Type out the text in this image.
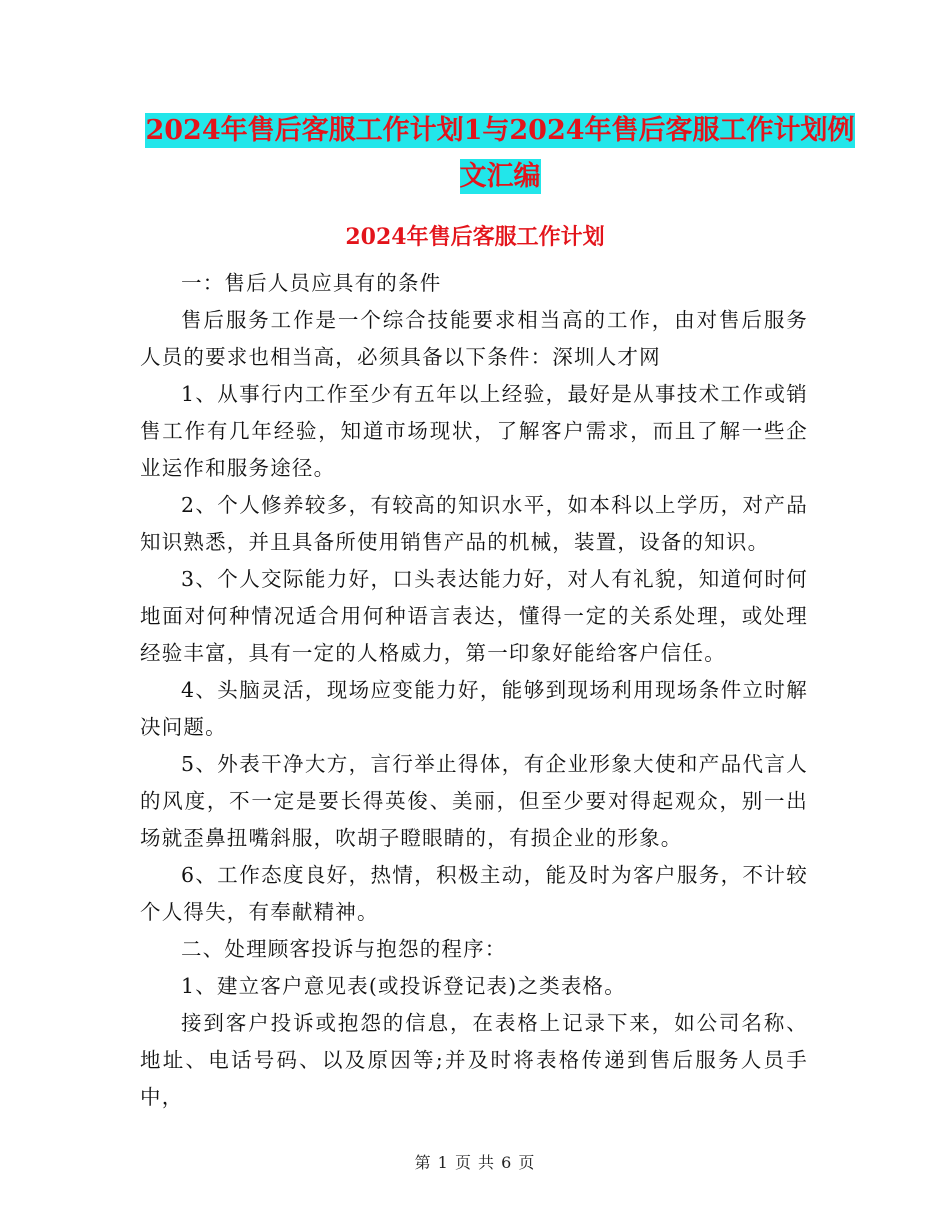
2024年售后客服工作计划1与2024年售后客服工作计划例文汇编
2024年售后客服工作计划

一：售后人员应具有的条件

售后服务工作是一个综合技能要求相当高的工作，由对售后服务人员的要求也相当高，必须具备以下条件：深圳人才网

1、从事行内工作至少有五年以上经验，最好是从事技术工作或销售工作有几年经验，知道市场现状，了解客户需求，而且了解一些企业运作和服务途径。

2、个人修养较多，有较高的知识水平，如本科以上学历，对产品知识熟悉，并且具备所使用销售产品的机械，装置，设备的知识。

3、个人交际能力好，口头表达能力好，对人有礼貌，知道何时何地面对何种情况适合用何种语言表达，懂得一定的关系处理，或处理经验丰富，具有一定的人格威力，第一印象好能给客户信任。

4、头脑灵活，现场应变能力好，能够到现场利用现场条件立时解决问题。

5、外表干净大方，言行举止得体，有企业形象大使和产品代言人的风度，不一定是要长得英俊、美丽，但至少要对得起观众，别一出场就歪鼻扭嘴斜服，吹胡子瞪眼睛的，有损企业的形象。

6、工作态度良好，热情，积极主动，能及时为客户服务，不计较个人得失，有奉献精神。

二、处理顾客投诉与抱怨的程序：

1、建立客户意见表(或投诉登记表)之类表格。

接到客户投诉或抱怨的信息，在表格上记录下来，如公司名称、地址、电话号码、以及原因等;并及时将表格传递到售后服务人员手中，

第 1 页 共 6 页
